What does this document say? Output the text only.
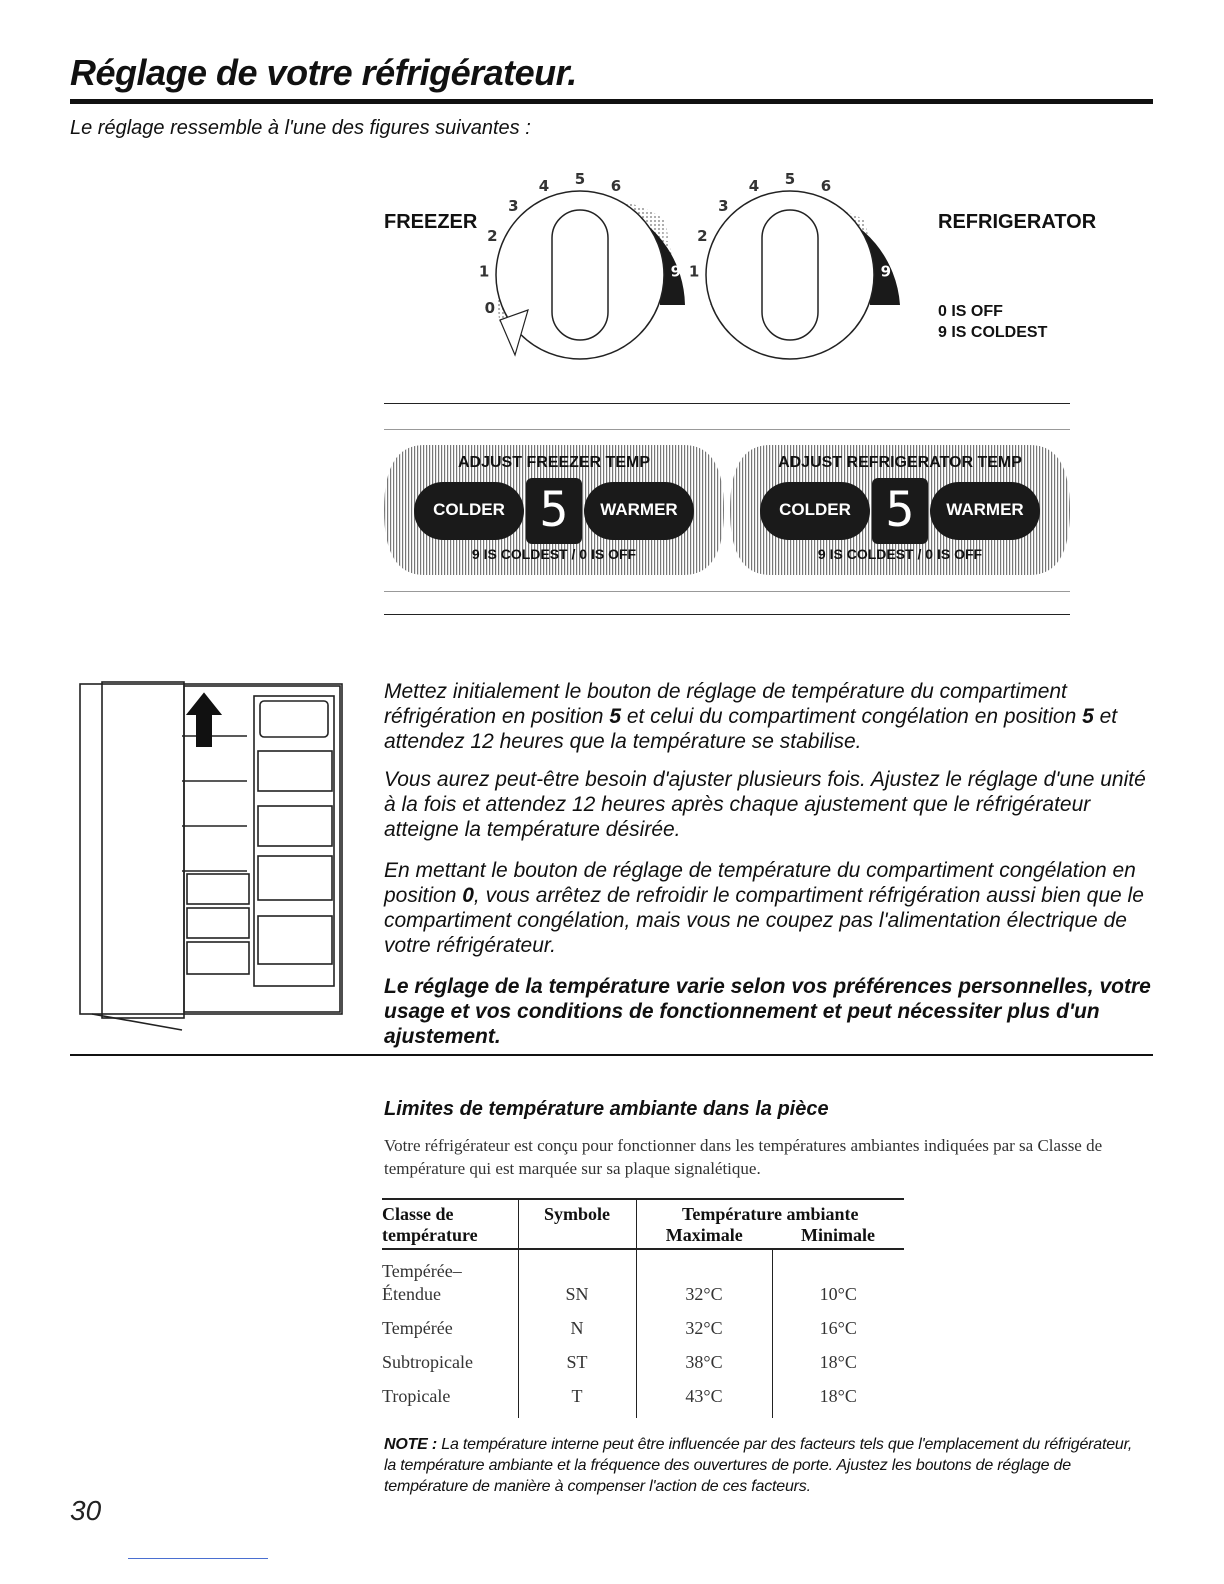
Réglage de votre réfrigérateur.
Le réglage ressemble à l'une des figures suivantes :
FREEZER	REFRIGERATOR
0 IS OFF
9 IS COLDEST
0
1
2
3
4 5 6
7
8
9 1
2
3
4 5 6
7
8
9
ADJUST FREEZER TEMP
COLDER	WARMER
5
9 IS COLDEST / 0 IS OFF
ADJUST REFRIGERATOR TEMP
COLDER	WARMER
5
9 IS COLDEST / 0 IS OFF
Mettez initialement le bouton de réglage de température du compartiment réfrigération en position 5 et celui du compartiment congélation en position 5 et attendez 12 heures que la température se stabilise.
Vous aurez peut-être besoin d'ajuster plusieurs fois. Ajustez le réglage d'une unité à la fois et attendez 12 heures après chaque ajustement que le réfrigérateur atteigne la température désirée.
En mettant le bouton de réglage de température du compartiment congélation en position 0, vous arrêtez de refroidir le compartiment réfrigération aussi bien que le compartiment congélation, mais vous ne coupez pas l'alimentation électrique de votre réfrigérateur.
Le réglage de la température varie selon vos préférences personnelles, votre usage et vos conditions de fonctionnement et peut nécessiter plus d'un ajustement.
Limites de température ambiante dans la pièce
Votre réfrigérateur est conçu pour fonctionner dans les températures ambiantes indiquées par sa Classe de température qui est marquée sur sa plaque signalétique.
Classe de température	Symbole	Température ambiante	
		Maximale	Minimale
Tempérée– Étendue	SN	32°C	10°C
Tempérée	N	32°C	16°C
Subtropicale	ST	38°C	18°C
Tropicale	T	43°C	18°C
NOTE : La température interne peut être influencée par des facteurs tels que l'emplacement du réfrigérateur, la température ambiante et la fréquence des ouvertures de porte. Ajustez les boutons de réglage de température de manière à compenser l'action de ces facteurs.
30
